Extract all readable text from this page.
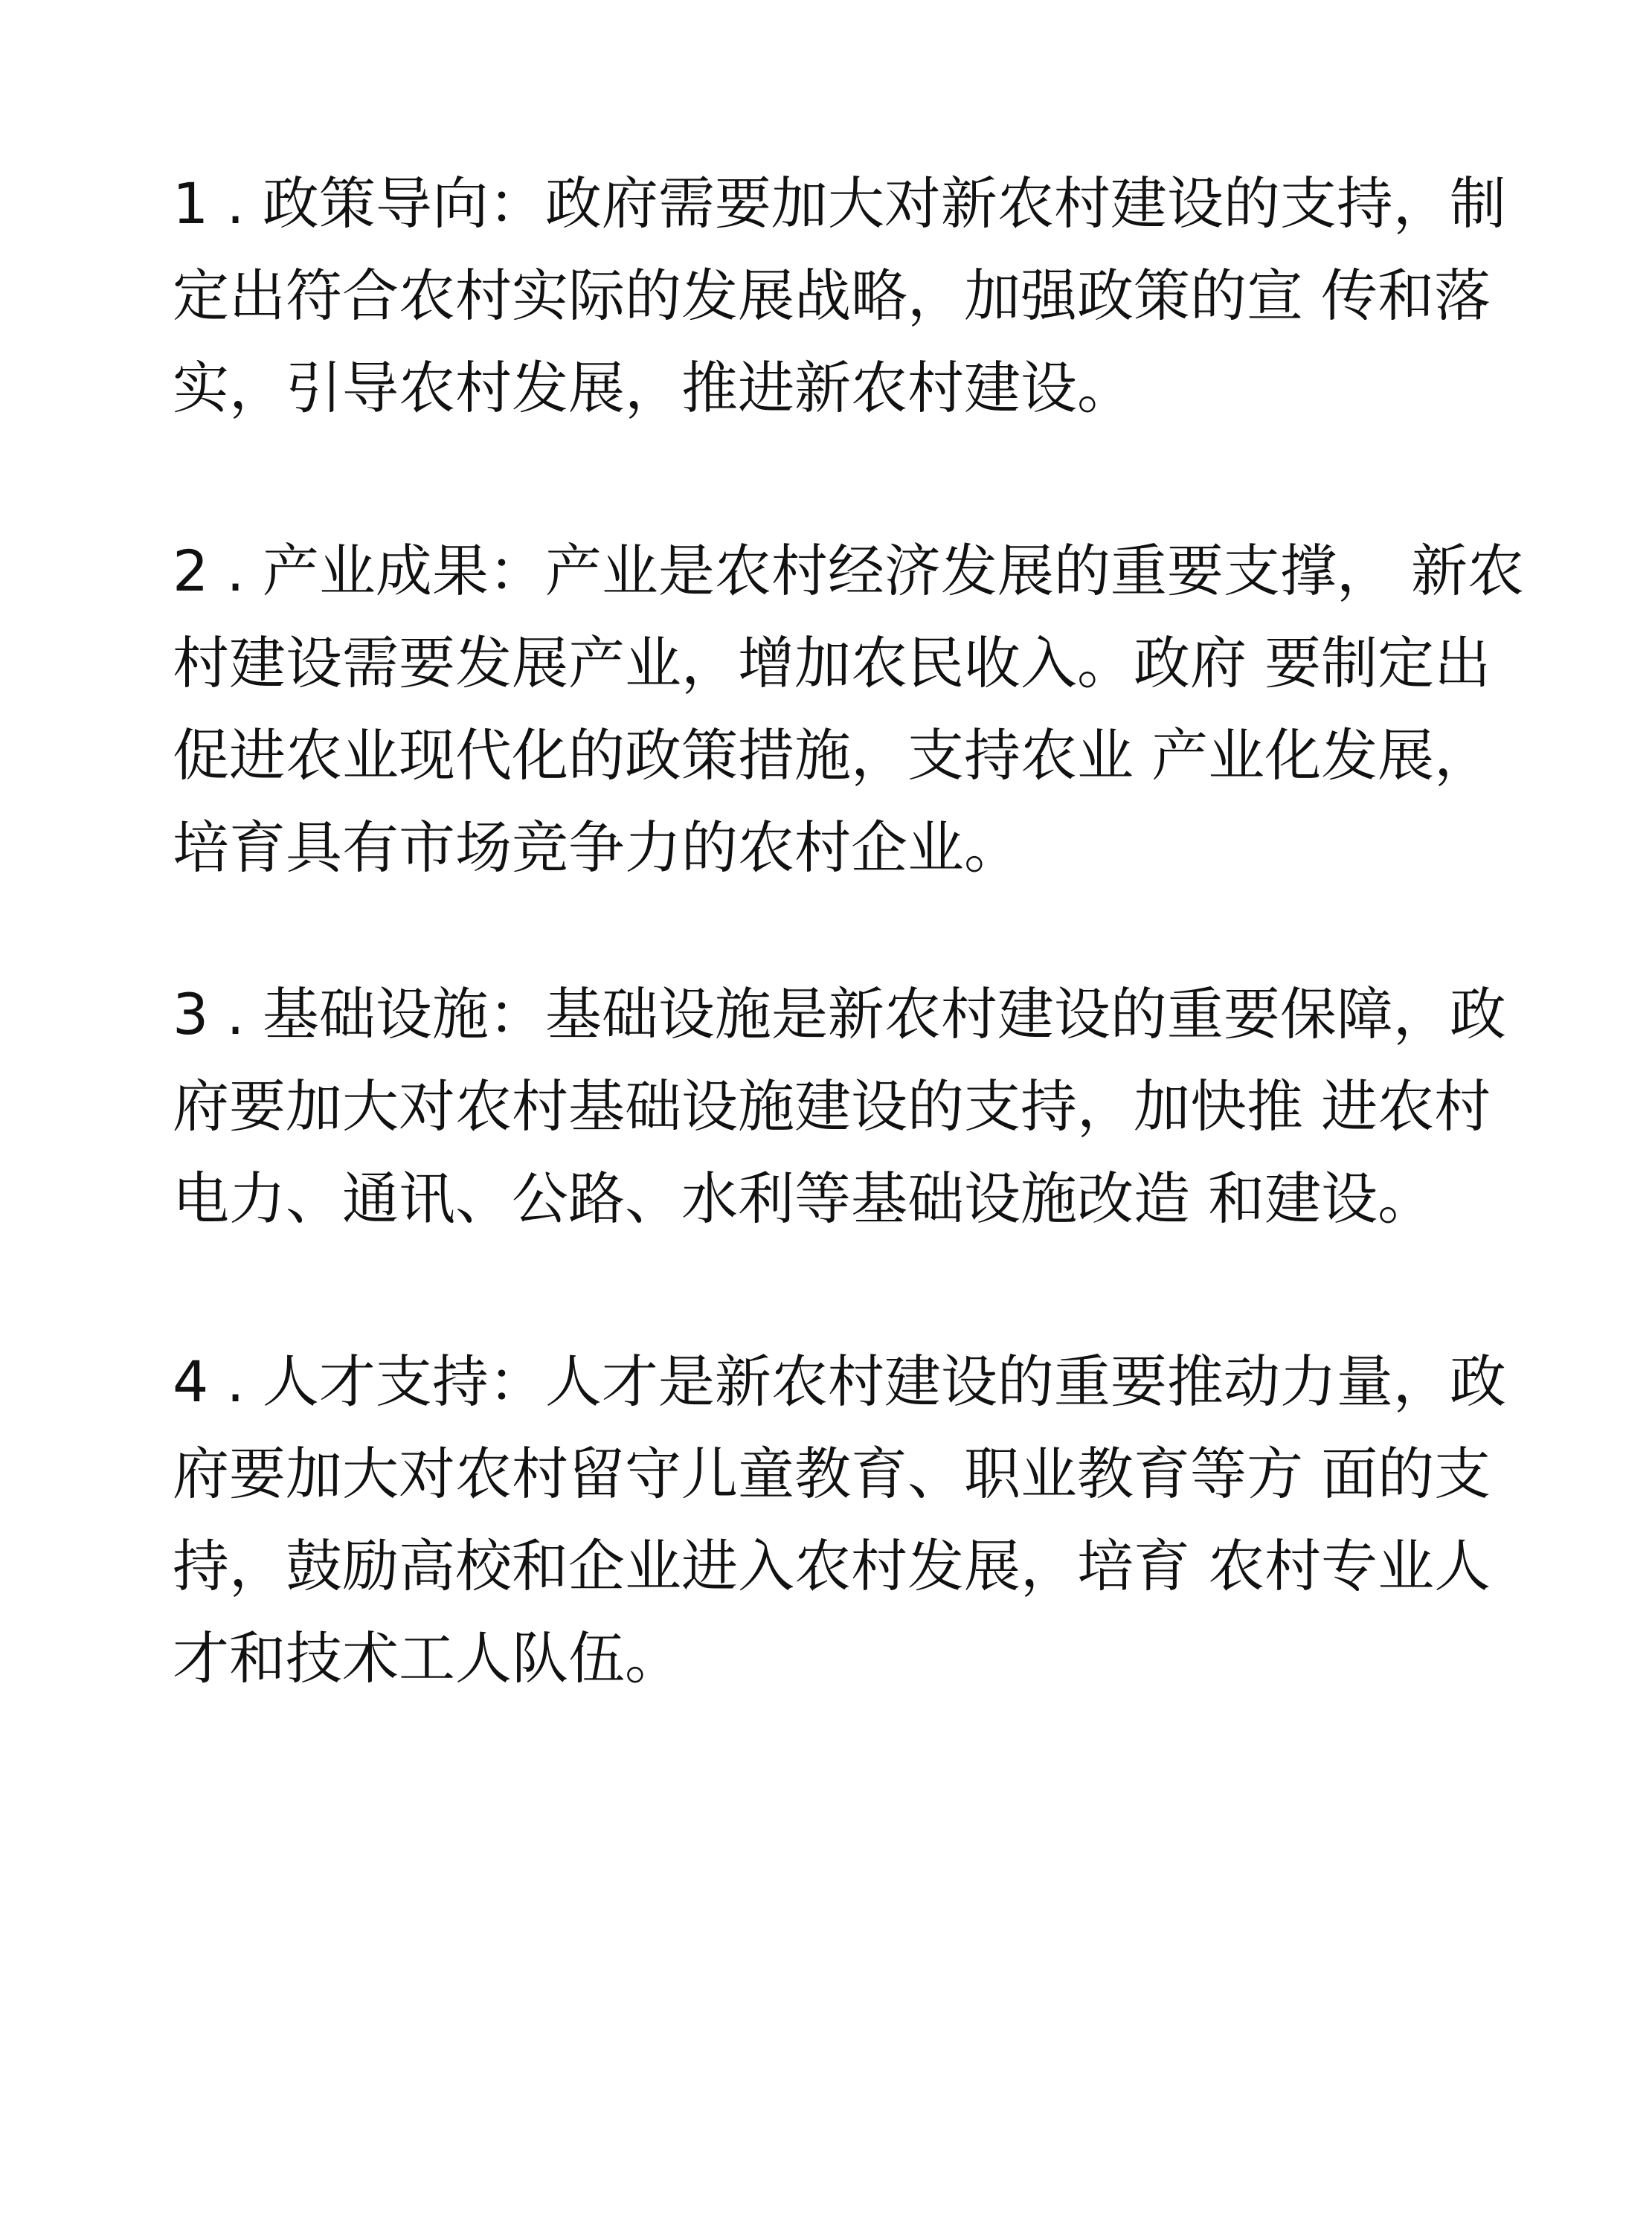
1 . 政策导向：政府需要加大对新农村建设的支持，制
定出符合农村实际的发展战略，加强政策的宣 传和落
实，引导农村发展，推进新农村建设。
2 . 产业成果：产业是农村经济发展的重要支撑， 新农
村建设需要发展产业，增加农民收入。政府 要制定出
促进农业现代化的政策措施，支持农业 产业化发展，
培育具有市场竞争力的农村企业。
3 . 基础设施：基础设施是新农村建设的重要保障，政
府要加大对农村基础设施建设的支持，加快推 进农村
电力、通讯、公路、水利等基础设施改造 和建设。
4 . 人才支持：人才是新农村建设的重要推动力量，政
府要加大对农村留守儿童教育、职业教育等方 面的支
持，鼓励高校和企业进入农村发展，培育 农村专业人
才和技术工人队伍。
